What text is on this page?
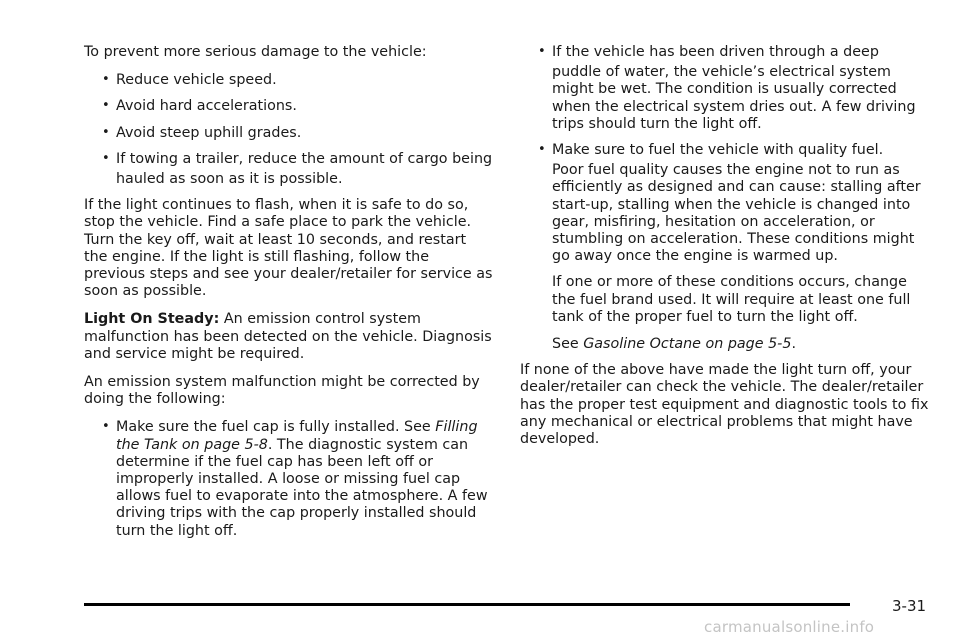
To prevent more serious damage to the vehicle:

• Reduce vehicle speed.
• Avoid hard accelerations.
• Avoid steep uphill grades.
• If towing a trailer, reduce the amount of cargo being
hauled as soon as it is possible.

If the light continues to flash, when it is safe to do so, stop the vehicle. Find a safe place to park the vehicle. Turn the key off, wait at least 10 seconds, and restart the engine. If the light is still flashing, follow the previous steps and see your dealer/retailer for service as soon as possible.

Light On Steady: An emission control system malfunction has been detected on the vehicle. Diagnosis and service might be required.

An emission system malfunction might be corrected by doing the following:

• Make sure the fuel cap is fully installed. See Filling the Tank on page 5-8. The diagnostic system can determine if the fuel cap has been left off or improperly installed. A loose or missing fuel cap allows fuel to evaporate into the atmosphere. A few driving trips with the cap properly installed should turn the light off.
• If the vehicle has been driven through a deep
puddle of water, the vehicle’s electrical system might be wet. The condition is usually corrected when the electrical system dries out. A few driving trips should turn the light off.
• Make sure to fuel the vehicle with quality fuel.
Poor fuel quality causes the engine not to run as efficiently as designed and can cause: stalling after start-up, stalling when the vehicle is changed into gear, misfiring, hesitation on acceleration, or stumbling on acceleration. These conditions might go away once the engine is warmed up.

If one or more of these conditions occurs, change the fuel brand used. It will require at least one full tank of the proper fuel to turn the light off.

See Gasoline Octane on page 5-5.

If none of the above have made the light turn off, your dealer/retailer can check the vehicle. The dealer/retailer has the proper test equipment and diagnostic tools to fix any mechanical or electrical problems that might have developed.

3-31
carmanualsonline.info
